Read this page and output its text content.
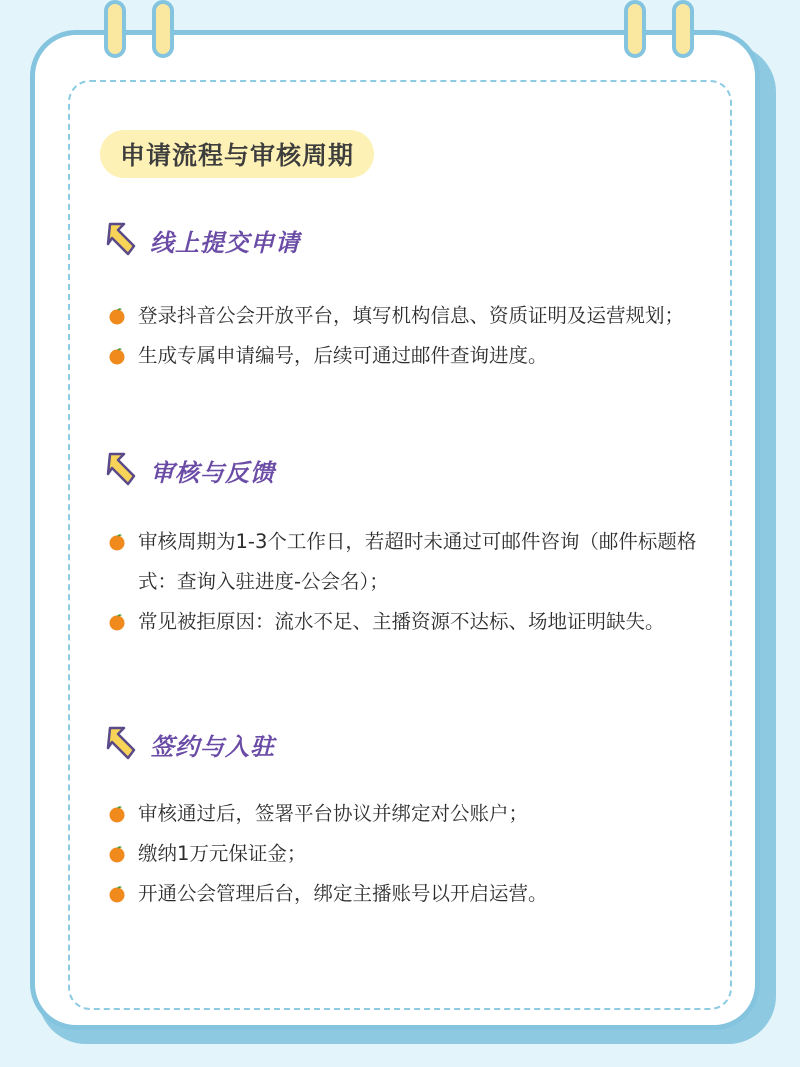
申请流程与审核周期
线上提交申请
登录抖音公会开放平台，填写机构信息、资质证明及运营规划；
生成专属申请编号，后续可通过邮件查询进度。
审核与反馈
审核周期为1-3个工作日，若超时未通过可邮件咨询（邮件标题格式：查询入驻进度-公会名）；
常见被拒原因：流水不足、主播资源不达标、场地证明缺失。
签约与入驻
审核通过后，签署平台协议并绑定对公账户；
缴纳1万元保证金；
开通公会管理后台，绑定主播账号以开启运营。
